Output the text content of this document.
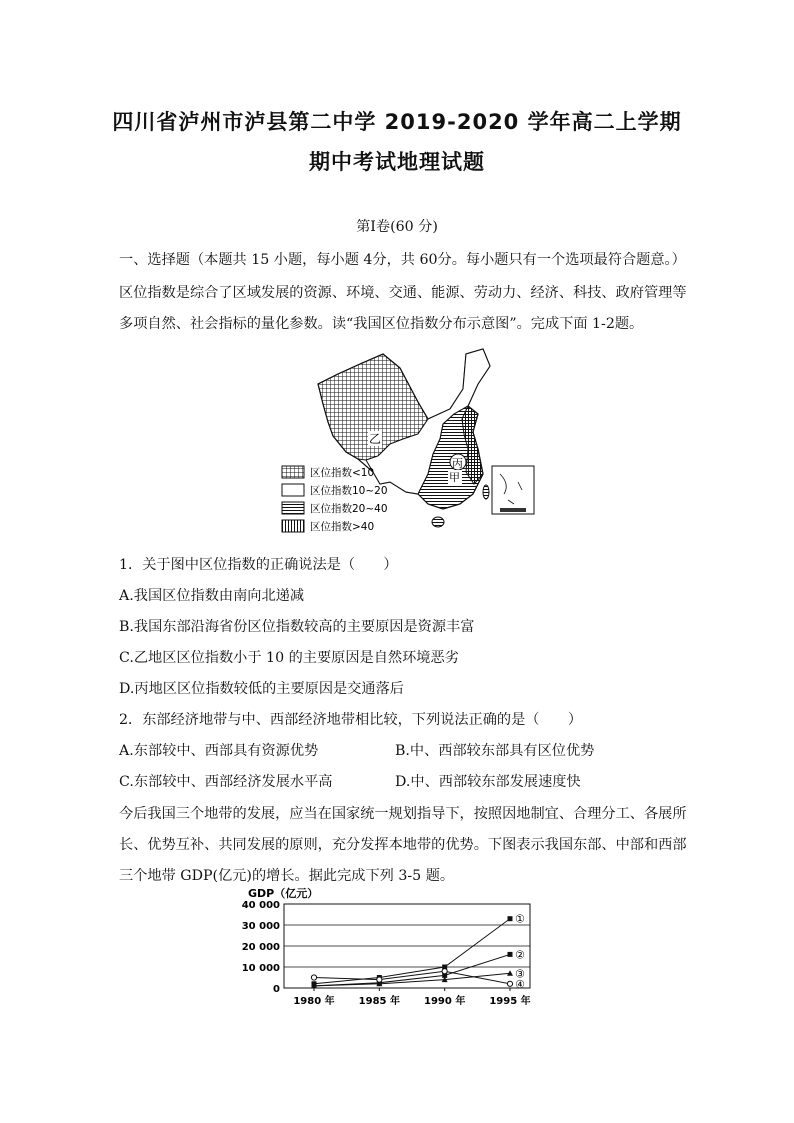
四川省泸州市泸县第二中学 2019-2020 学年高二上学期
期中考试地理试题
第Ⅰ卷(60 分)
一、选择题（本题共 15 小题，每小题 4分，共 60分。每小题只有一个选项最符合题意。）
区位指数是综合了区域发展的资源、环境、交通、能源、劳动力、经济、科技、政府管理等
多项自然、社会指标的量化参数。读“我国区位指数分布示意图”。完成下面 1-2题。
乙
丙
甲
区位指数<10
区位指数10~20
区位指数20~40
区位指数>40
1．关于图中区位指数的正确说法是（　　）
A.我国区位指数由南向北递减
B.我国东部沿海省份区位指数较高的主要原因是资源丰富
C.乙地区区位指数小于 10 的主要原因是自然环境恶劣
D.丙地区区位指数较低的主要原因是交通落后
2．东部经济地带与中、西部经济地带相比较，下列说法正确的是（　　）
A.东部较中、西部具有资源优势	B.中、西部较东部具有区位优势
C.东部较中、西部经济发展水平高	D.中、西部较东部发展速度快
今后我国三个地带的发展，应当在国家统一规划指导下，按照因地制宜、合理分工、各展所
长、优势互补、共同发展的原则，充分发挥本地带的优势。下图表示我国东部、中部和西部
三个地带 GDP(亿元)的增长。据此完成下列 3-5 题。
GDP（亿元）
0
10 000
20 000
30 000
40 000
1980 年 1985 年 1990 年 1995 年
①
②
③
④
